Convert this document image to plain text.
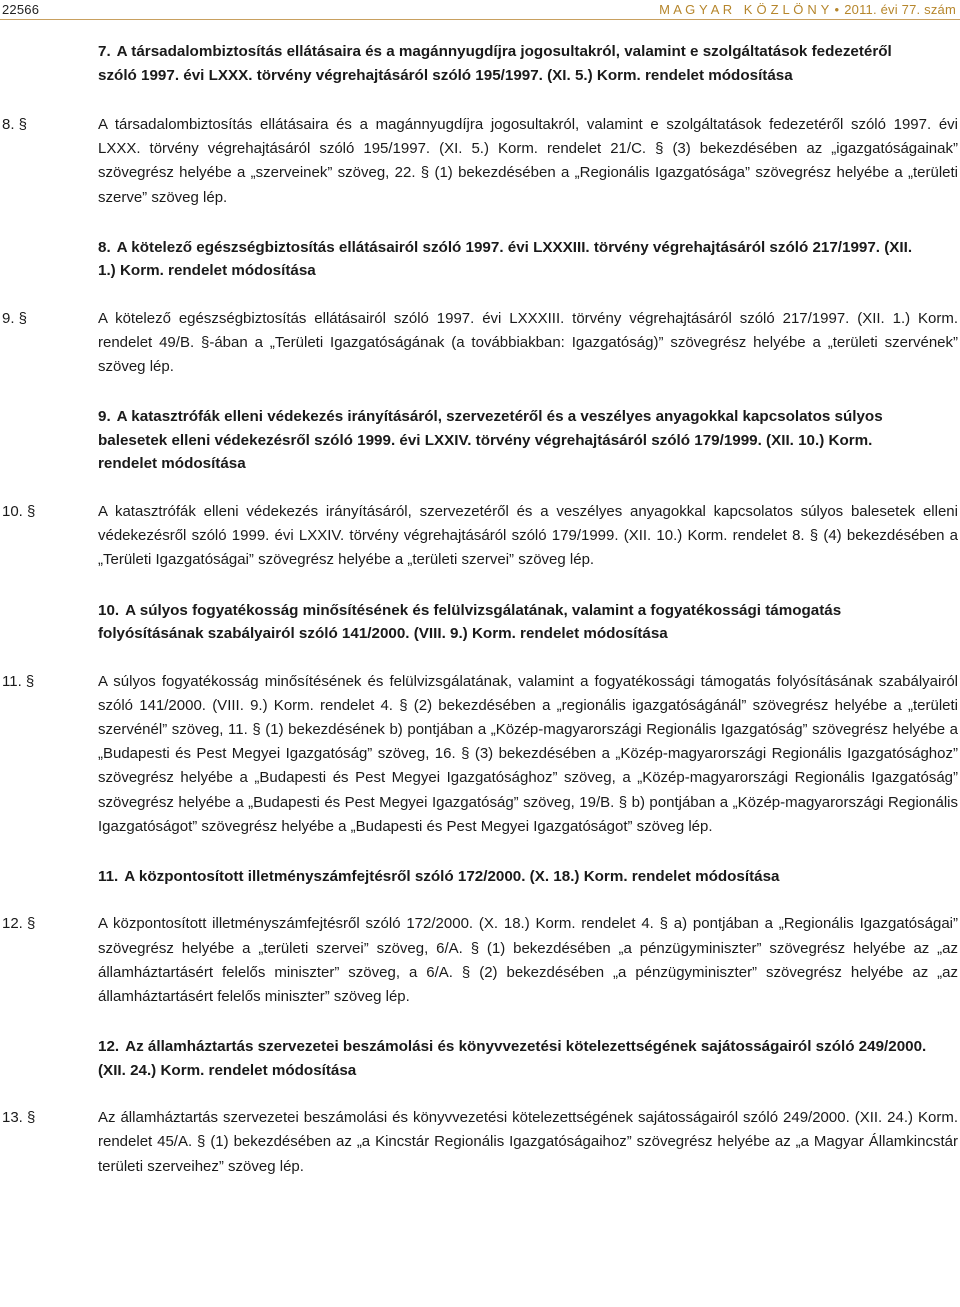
22566	M A G Y A R   K Ö Z L Ö N Y • 2011. évi 77. szám
7. A társadalombiztosítás ellátásaira és a magánnyugdíjra jogosultakról, valamint e szolgáltatások fedezetéről szóló 1997. évi LXXX. törvény végrehajtásáról szóló 195/1997. (XI. 5.) Korm. rendelet módosítása
8. §	A társadalombiztosítás ellátásaira és a magánnyugdíjra jogosultakról, valamint e szolgáltatások fedezetéről szóló 1997. évi LXXX. törvény végrehajtásáról szóló 195/1997. (XI. 5.) Korm. rendelet 21/C. § (3) bekezdésében az „igazgatóságainak” szövegrész helyébe a „szerveinek” szöveg, 22. § (1) bekezdésében a „Regionális Igazgatósága” szövegrész helyébe a „területi szerve” szöveg lép.
8. A kötelező egészségbiztosítás ellátásairól szóló 1997. évi LXXXIII. törvény végrehajtásáról szóló 217/1997. (XII. 1.) Korm. rendelet módosítása
9. §	A kötelező egészségbiztosítás ellátásairól szóló 1997. évi LXXXIII. törvény végrehajtásáról szóló 217/1997. (XII. 1.) Korm. rendelet 49/B. §-ában a „Területi Igazgatóságának (a továbbiakban: Igazgatóság)” szövegrész helyébe a „területi szervének” szöveg lép.
9. A katasztrófák elleni védekezés irányításáról, szervezetéről és a veszélyes anyagokkal kapcsolatos súlyos balesetek elleni védekezésről szóló 1999. évi LXXIV. törvény végrehajtásáról szóló 179/1999. (XII. 10.) Korm. rendelet módosítása
10. §	A katasztrófák elleni védekezés irányításáról, szervezetéről és a veszélyes anyagokkal kapcsolatos súlyos balesetek elleni védekezésről szóló 1999. évi LXXIV. törvény végrehajtásáról szóló 179/1999. (XII. 10.) Korm. rendelet 8. § (4) bekezdésében a „Területi Igazgatóságai” szövegrész helyébe a „területi szervei” szöveg lép.
10. A súlyos fogyatékosság minősítésének és felülvizsgálatának, valamint a fogyatékossági támogatás folyósításának szabályairól szóló 141/2000. (VIII. 9.) Korm. rendelet módosítása
11. §	A súlyos fogyatékosság minősítésének és felülvizsgálatának, valamint a fogyatékossági támogatás folyósításának szabályairól szóló 141/2000. (VIII. 9.) Korm. rendelet 4. § (2) bekezdésében a „regionális igazgatóságánál” szövegrész helyébe a „területi szervénél” szöveg, 11. § (1) bekezdésének b) pontjában a „Közép-magyarországi Regionális Igazgatóság” szövegrész helyébe a „Budapesti és Pest Megyei Igazgatóság” szöveg, 16. § (3) bekezdésében a „Közép-magyarországi Regionális Igazgatósághoz” szövegrész helyébe a „Budapesti és Pest Megyei Igazgatósághoz” szöveg, a „Közép-magyarországi Regionális Igazgatóság” szövegrész helyébe a „Budapesti és Pest Megyei Igazgatóság” szöveg, 19/B. § b) pontjában a „Közép-magyarországi Regionális Igazgatóságot” szövegrész helyébe a „Budapesti és Pest Megyei Igazgatóságot” szöveg lép.
11. A központosított illetményszámfejtésről szóló 172/2000. (X. 18.) Korm. rendelet módosítása
12. §	A központosított illetményszámfejtésről szóló 172/2000. (X. 18.) Korm. rendelet 4. § a) pontjában a „Regionális Igazgatóságai” szövegrész helyébe a „területi szervei” szöveg, 6/A. § (1) bekezdésében „a pénzügyminiszter” szövegrész helyébe az „az államháztartásért felelős miniszter” szöveg, a 6/A. § (2) bekezdésében „a pénzügyminiszter” szövegrész helyébe az „az államháztartásért felelős miniszter” szöveg lép.
12. Az államháztartás szervezetei beszámolási és könyvvezetési kötelezettségének sajátosságairól szóló 249/2000. (XII. 24.) Korm. rendelet módosítása
13. §	Az államháztartás szervezetei beszámolási és könyvvezetési kötelezettségének sajátosságairól szóló 249/2000. (XII. 24.) Korm. rendelet 45/A. § (1) bekezdésében az „a Kincstár Regionális Igazgatóságaihoz” szövegrész helyébe az „a Magyar Államkincstár területi szerveihez” szöveg lép.
